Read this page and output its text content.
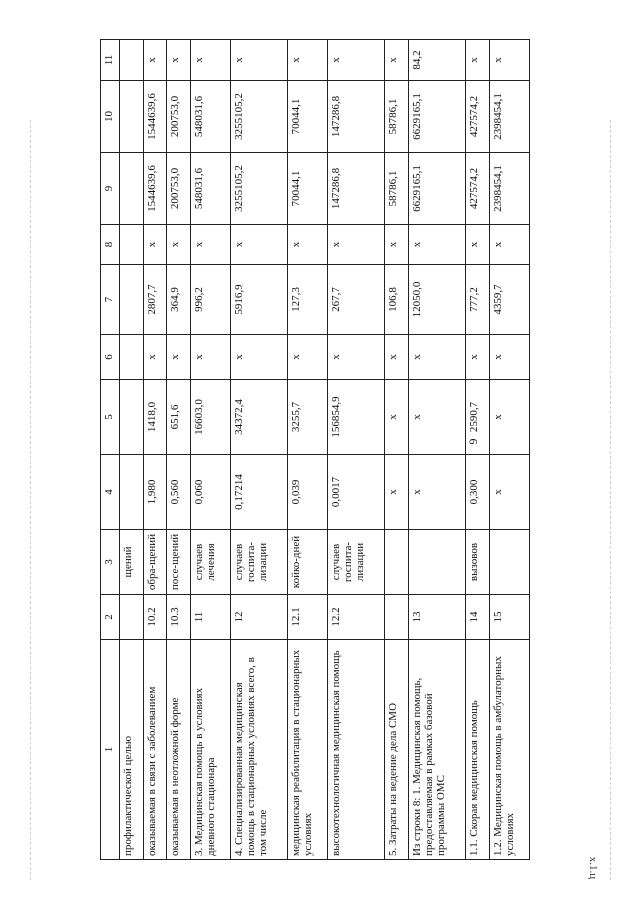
6
х.1.ц
1	2	3	4	5	6	7	8	9	10	11
профилактической целью		щений								
оказываемая в связи с заболеванием	10.2	обра-щений	1,980	1418,0	x	2807,7	x	1544639,6	1544639,6	x
оказываемая в неотложной форме	10.3	посе-щений	0,560	651,6	x	364,9	x	200753,0	200753,0	x
3. Медицинская помощь в условиях дневного стационара	11	случаев лечения	0,060	16603,0	x	996,2	x	548031,6	548031,6	x
4. Специализированная медицинская помощь в стационарных условиях всего, в том числе	12	случаев госпита-лизации	0,17214	34372,4	x	5916,9	x	3255105,2	3255105,2	x
медицинская реабилитация в стационарных условиях	12.1	койко-дней	0,039	3255,7	x	127,3	x	70044,1	70044,1	x
высокотехнологичная медицинская помощь	12.2	случаев госпита-лизации	0,0017	156854,9	x	267,7	x	147286,8	147286,8	x
5. Затраты на ведение дела СМО			x	x	x	106,8	x	58786,1	58786,1	x
Из строки 8: 1. Медицинская помощь, предоставляемая в рамках базовой программы ОМС	13		x	x	x	12050,0	x	6629165,1	6629165,1	84,2
1.1. Скорая медицинская помощь	14	вызовов	0,300	2590,7	x	777,2	x	427574,2	427574,2	x
1.2. Медицинская помощь в амбулаторных условиях	15		x	x	x	4359,7	x	2398454,1	2398454,1	x
